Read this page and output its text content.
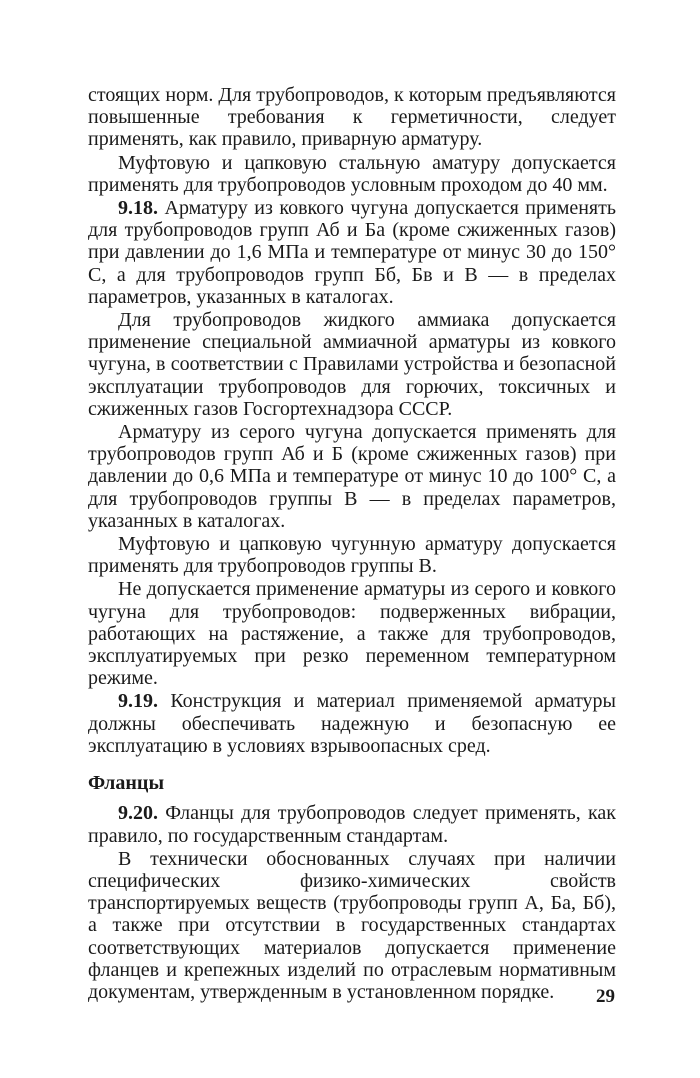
стоящих норм. Для трубопроводов, к которым предъявляются повышенные требования к герметичности, следует применять, как правило, приварную арматуру.

Муфтовую и цапковую стальную аматуру допускается применять для трубопроводов условным проходом до 40 мм.

9.18. Арматуру из ковкого чугуна допускается применять для трубопроводов групп Аб и Ба (кроме сжиженных газов) при давлении до 1,6 МПа и температуре от минус 30 до 150° С, а для трубопроводов групп Бб, Бв и В — в пределах параметров, указанных в каталогах.

Для трубопроводов жидкого аммиака допускается применение специальной аммиачной арматуры из ковкого чугуна, в соответствии с Правилами устройства и безопасной эксплуатации трубопроводов для горючих, токсичных и сжиженных газов Госгортехнадзора СССР.

Арматуру из серого чугуна допускается применять для трубопроводов групп Аб и Б (кроме сжиженных газов) при давлении до 0,6 МПа и температуре от минус 10 до 100° С, а для трубопроводов группы В — в пределах параметров, указанных в каталогах.

Муфтовую и цапковую чугунную арматуру допускается применять для трубопроводов группы В.

Не допускается применение арматуры из серого и ковкого чугуна для трубопроводов: подверженных вибрации, работающих на растяжение, а также для трубопроводов, эксплуатируемых при резко переменном температурном режиме.

9.19. Конструкция и материал применяемой арматуры должны обеспечивать надежную и безопасную ее эксплуатацию в условиях взрывоопасных сред.

Фланцы

9.20. Фланцы для трубопроводов следует применять, как правило, по государственным стандартам.

В технически обоснованных случаях при наличии специфических физико-химических свойств транспортируемых веществ (трубопроводы групп А, Ба, Бб), а также при отсутствии в государственных стандартах соответствующих материалов допускается применение фланцев и крепежных изделий по отраслевым нормативным документам, утвержденным в установленном порядке.	29
